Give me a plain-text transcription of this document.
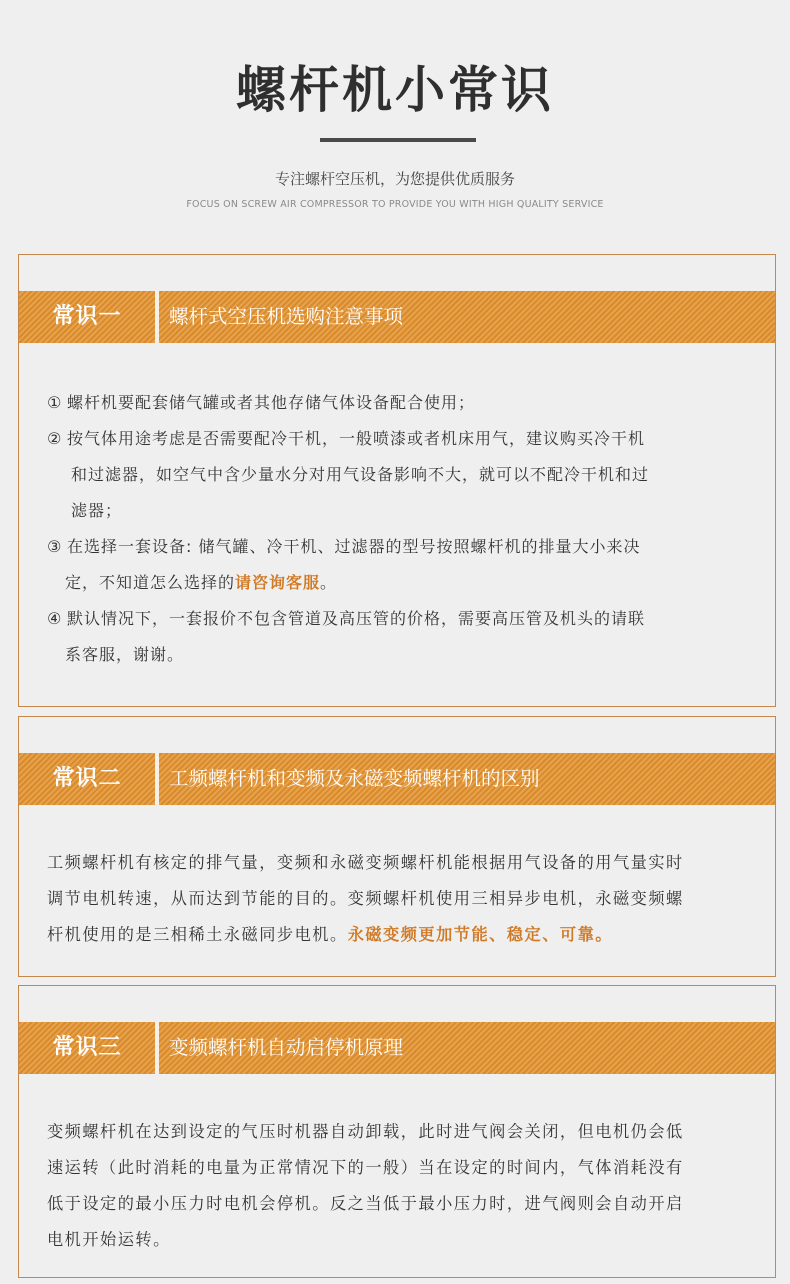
螺杆机小常识
专注螺杆空压机，为您提供优质服务
FOCUS ON SCREW AIR COMPRESSOR TO PROVIDE YOU WITH HIGH QUALITY SERVICE
常识一	螺杆式空压机选购注意事项
① 螺杆机要配套储气罐或者其他存储气体设备配合使用；
② 按气体用途考虑是否需要配冷干机，一般喷漆或者机床用气，建议购买冷干机
和过滤器，如空气中含少量水分对用气设备影响不大，就可以不配冷干机和过
滤器；
③ 在选择一套设备: 储气罐、冷干机、过滤器的型号按照螺杆机的排量大小来决
定，不知道怎么选择的请咨询客服。
④ 默认情况下，一套报价不包含管道及高压管的价格，需要高压管及机头的请联
系客服，谢谢。
常识二	工频螺杆机和变频及永磁变频螺杆机的区别
工频螺杆机有核定的排气量，变频和永磁变频螺杆机能根据用气设备的用气量实时
调节电机转速，从而达到节能的目的。变频螺杆机使用三相异步电机，永磁变频螺
杆机使用的是三相稀土永磁同步电机。永磁变频更加节能、稳定、可靠。
常识三	变频螺杆机自动启停机原理
变频螺杆机在达到设定的气压时机器自动卸载，此时进气阀会关闭，但电机仍会低
速运转（此时消耗的电量为正常情况下的一般）当在设定的时间内，气体消耗没有
低于设定的最小压力时电机会停机。反之当低于最小压力时，进气阀则会自动开启
电机开始运转。
